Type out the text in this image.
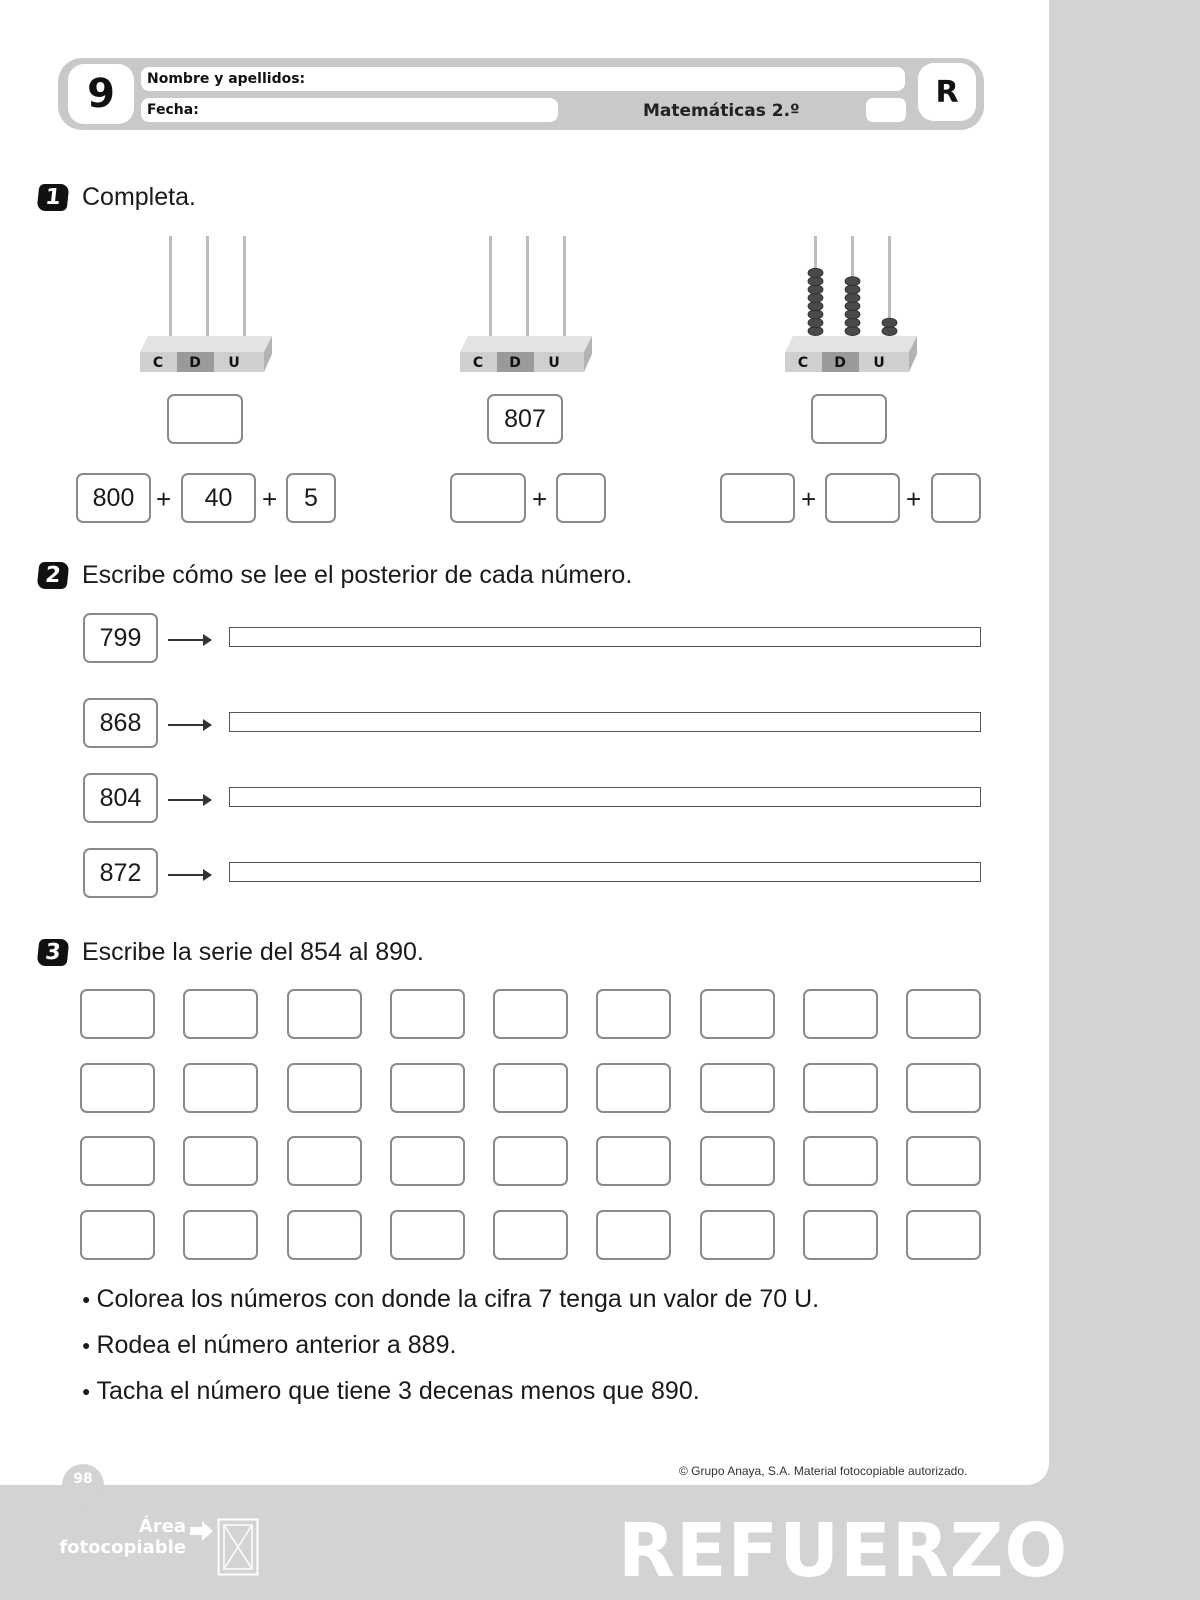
9	Nombre y apellidos:
Fecha:	Matemáticas 2.º
R
1 Completa.
C D U	C D U	C D U
807
800 +	40	+	5	+	+	+
2 Escribe cómo se lee el posterior de cada número.
799
868
804
872
3 Escribe la serie del 854 al 890.
● Colorea los números con donde la cifra 7 tenga un valor de 70 U.
● Rodea el número anterior a 889.
● Tacha el número que tiene 3 decenas menos que 890.
© Grupo Anaya, S.A. Material fotocopiable autorizado.
98
Área
fotocopiable	REFUERZO
